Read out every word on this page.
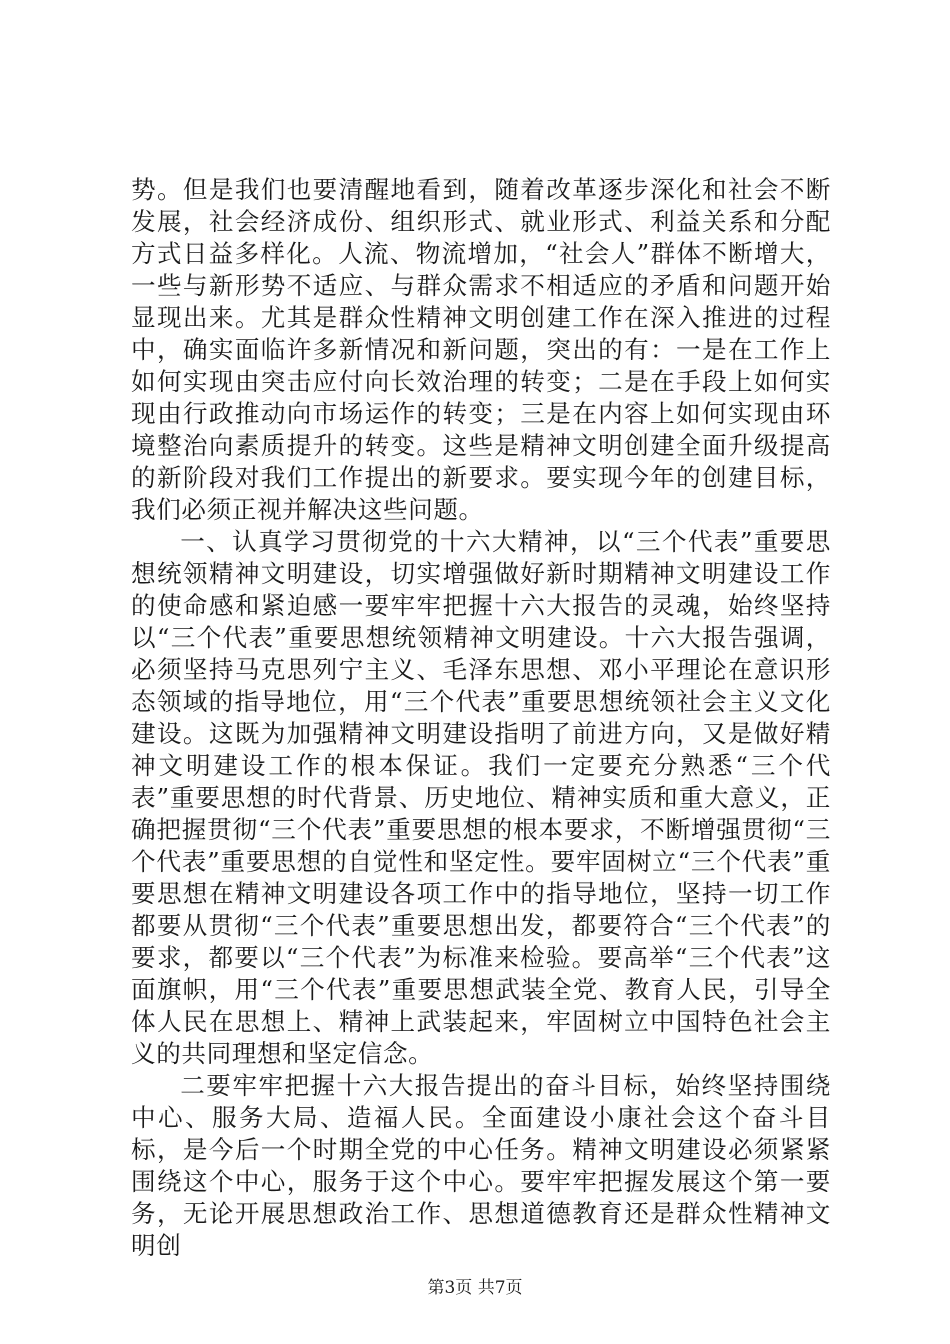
势。但是我们也要清醒地看到，随着改革逐步深化和社会不断发展，社会经济成份、组织形式、就业形式、利益关系和分配方式日益多样化。人流、物流增加，“社会人”群体不断增大，一些与新形势不适应、与群众需求不相适应的矛盾和问题开始显现出来。尤其是群众性精神文明创建工作在深入推进的过程中，确实面临许多新情况和新问题，突出的有：一是在工作上如何实现由突击应付向长效治理的转变；二是在手段上如何实现由行政推动向市场运作的转变；三是在内容上如何实现由环境整治向素质提升的转变。这些是精神文明创建全面升级提高的新阶段对我们工作提出的新要求。要实现今年的创建目标，我们必须正视并解决这些问题。

一、认真学习贯彻党的十六大精神，以“三个代表”重要思想统领精神文明建设，切实增强做好新时期精神文明建设工作的使命感和紧迫感一要牢牢把握十六大报告的灵魂，始终坚持以“三个代表”重要思想统领精神文明建设。十六大报告强调，必须坚持马克思列宁主义、毛泽东思想、邓小平理论在意识形态领域的指导地位，用“三个代表”重要思想统领社会主义文化建设。这既为加强精神文明建设指明了前进方向，又是做好精神文明建设工作的根本保证。我们一定要充分熟悉“三个代表”重要思想的时代背景、历史地位、精神实质和重大意义，正确把握贯彻“三个代表”重要思想的根本要求，不断增强贯彻“三个代表”重要思想的自觉性和坚定性。要牢固树立“三个代表”重要思想在精神文明建设各项工作中的指导地位，坚持一切工作都要从贯彻“三个代表”重要思想出发，都要符合“三个代表”的要求，都要以“三个代表”为标准来检验。要高举“三个代表”这面旗帜，用“三个代表”重要思想武装全党、教育人民，引导全体人民在思想上、精神上武装起来，牢固树立中国特色社会主义的共同理想和坚定信念。

二要牢牢把握十六大报告提出的奋斗目标，始终坚持围绕中心、服务大局、造福人民。全面建设小康社会这个奋斗目标，是今后一个时期全党的中心任务。精神文明建设必须紧紧围绕这个中心，服务于这个中心。要牢牢把握发展这个第一要务，无论开展思想政治工作、思想道德教育还是群众性精神文明创

第3页 共7页
